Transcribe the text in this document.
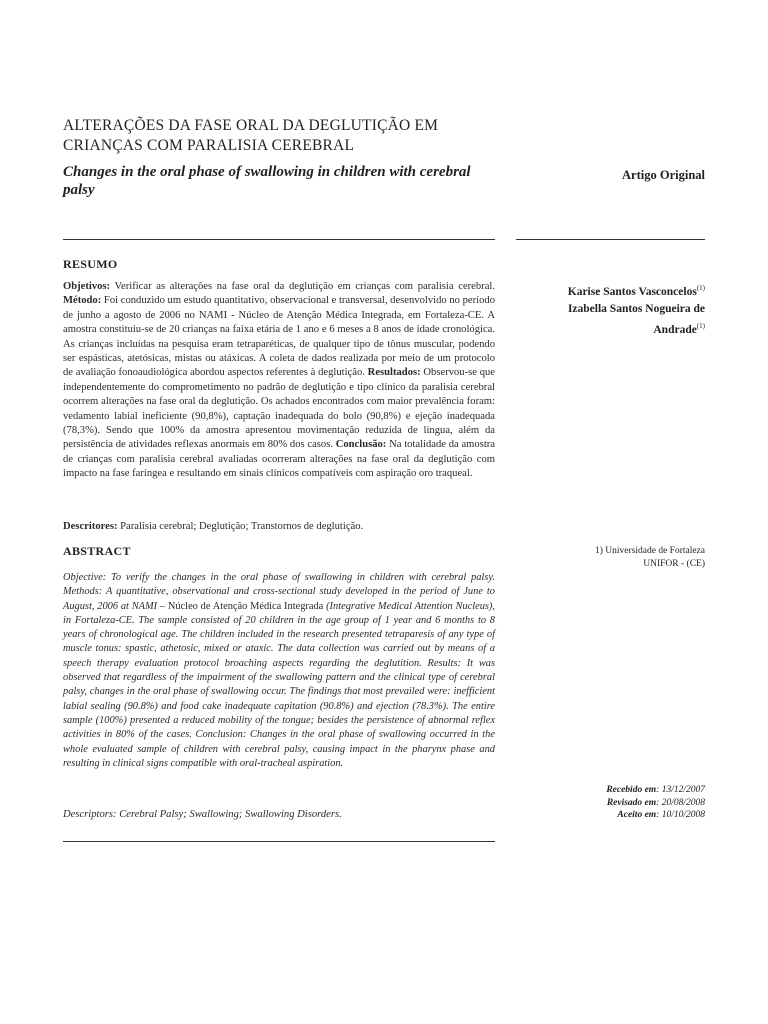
ALTERAÇÕES DA FASE ORAL DA DEGLUTIÇÃO EM
CRIANÇAS COM PARALISIA CEREBRAL
Changes in the oral phase of swallowing in children with cerebral palsy
Artigo Original
RESUMO
Objetivos: Verificar as alterações na fase oral da deglutição em crianças com paralisia cerebral. Método: Foi conduzido um estudo quantitativo, observacional e transversal, desenvolvido no período de junho a agosto de 2006 no NAMI - Núcleo de Atenção Médica Integrada, em Fortaleza-CE. A amostra constituiu-se de 20 crianças na faixa etária de 1 ano e 6 meses a 8 anos de idade cronológica. As crianças incluídas na pesquisa eram tetraparéticas, de qualquer tipo de tônus muscular, podendo ser espásticas, atetósicas, mistas ou atáxicas. A coleta de dados realizada por meio de um protocolo de avaliação fonoaudiológica abordou aspectos referentes à deglutição. Resultados: Observou-se que independentemente do comprometimento no padrão de deglutição e tipo clínico da paralisia cerebral ocorrem alterações na fase oral da deglutição. Os achados encontrados com maior prevalência foram: vedamento labial ineficiente (90,8%), captação inadequada do bolo (90,8%) e ejeção inadequada (78,3%). Sendo que 100% da amostra apresentou movimentação reduzida de língua, além da persistência de atividades reflexas anormais em 80% dos casos. Conclusão: Na totalidade da amostra de crianças com paralisia cerebral avaliadas ocorreram alterações na fase oral da deglutição com impacto na fase faríngea e resultando em sinais clínicos compatíveis com aspiração oro traqueal.
Descritores: Paralisia cerebral; Deglutição; Transtornos de deglutição.
ABSTRACT
Objective: To verify the changes in the oral phase of swallowing in children with cerebral palsy. Methods: A quantitative, observational and cross-sectional study developed in the period of June to August, 2006 at NAMI – Núcleo de Atenção Médica Integrada (Integrative Medical Attention Nucleus), in Fortaleza-CE. The sample consisted of 20 children in the age group of 1 year and 6 months to 8 years of chronological age. The children included in the research presented tetraparesis of any type of muscle tonus: spastic, athetosic, mixed or ataxic. The data collection was carried out by means of a speech therapy evaluation protocol broaching aspects regarding the deglutition. Results: It was observed that regardless of the impairment of the swallowing pattern and the clinical type of cerebral palsy, changes in the oral phase of swallowing occur. The findings that most prevailed were: inefficient labial sealing (90.8%) and food cake inadequate capitation (90.8%) and ejection (78.3%). The entire sample (100%) presented a reduced mobility of the tongue; besides the persistence of abnormal reflex activities in 80% of the cases. Conclusion: Changes in the oral phase of swallowing occurred in the whole evaluated sample of children with cerebral palsy, causing impact in the pharynx phase and resulting in clinical signs compatible with oral-tracheal aspiration.
Descriptors: Cerebral Palsy; Swallowing; Swallowing Disorders.
Karise Santos Vasconcelos$^{(1)}$
Izabella Santos Nogueira de
Andrade$^{(1)}$
1) Universidade de Fortaleza
UNIFOR - (CE)
Recebido em: 13/12/2007
Revisado em: 20/08/2008
Aceito em: 10/10/2008
